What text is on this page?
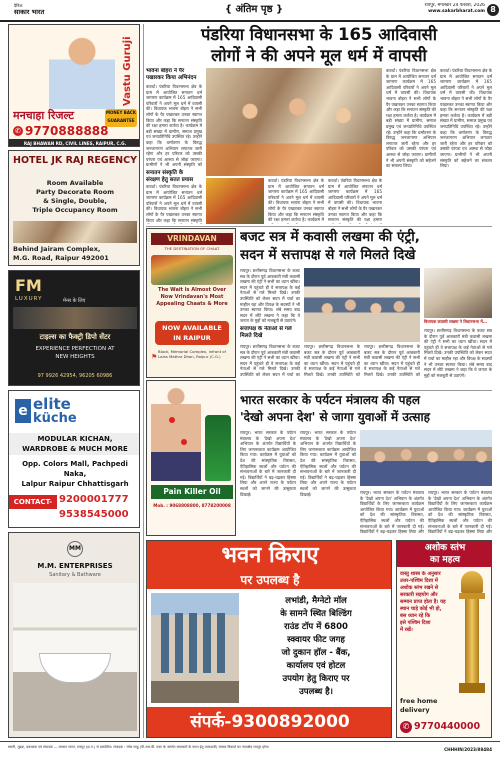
दैनिक
साकार भारत	{ अंतिम पृष्ठ }	रायपुर, मंगलवार 24 फरवरी, 2026
www.sakarbharat.com 8
Vastu Guruji
मनचाहा रिजल्ट	MONEY BACK
GUARANTEE
✆ 9770888888
RAJ BHAWAN RD, CIVIL LINES, RAIPUR, C.G.
HOTEL JK RAJ REGENCY
Room Available
Party Decorate Room
& Single, Double,
Triple Occupancy Room
Behind Jairam Complex,
M.G. Road, Raipur 492001
FM
LUXURY	मेन्स के लिए
टाइल्स का फैक्ट्री डिपो सेंटर
EXPERIENCE PERFECTION AT
NEW HEIGHTS
97 9926 42954, 96205 60986
e elite
küche
MODULAR KICHAN,
WARDROBE & MUCH MORE
Opp. Colors Mall, Pachpedi Naka,
Lalpur Raipur Chhattisgarh
CONTACT- 9200001777
9538545000
MM
M.M. ENTERPRISES
Sanitary & Bathware
पंडरिया विधानसभा के 165 आदिवासी
लोगों ने की अपने मूल धर्म में वापसी
भावना बोहरा ने पैर
पखारकर किया अभिनंदन
कवर्धा। पंडरिया विधानसभा क्षेत्र के ग्राम में आयोजित सनातन धर्म जागरण कार्यक्रम में 165 आदिवासी परिवारों ने अपने मूल धर्म में वापसी की। विधायक भावना बोहरा ने सभी लोगों के पैर पखारकर उनका स्वागत किया और कहा कि सनातन संस्कृति की रक्षा हमारा कर्तव्य है। कार्यक्रम में बड़ी संख्या में ग्रामीण, समाज प्रमुख एवं जनप्रतिनिधि उपस्थित रहे। उन्होंने कहा कि धर्मांतरण के विरुद्ध जनजागरण अभियान लगातार जारी रहेगा और हर परिवार को उसकी परंपरा एवं आस्था से जोड़ा जाएगा। ग्रामीणों ने भी अपनी संस्कृति को
सनातन संस्कृति के
संरक्षण हेतु सतत प्रयास
कवर्धा। पंडरिया विधानसभा क्षेत्र के ग्राम में आयोजित सनातन धर्म जागरण कार्यक्रम में 165 आदिवासी परिवारों ने अपने मूल धर्म में वापसी की। विधायक भावना बोहरा ने सभी लोगों के पैर पखारकर उनका स्वागत किया और कहा कि सनातन संस्कृति
कवर्धा। पंडरिया विधानसभा क्षेत्र के ग्राम में आयोजित सनातन धर्म जागरण कार्यक्रम में 165 आदिवासी परिवारों ने अपने मूल धर्म में वापसी की। विधायक भावना बोहरा ने सभी लोगों के पैर पखारकर उनका स्वागत किया और कहा कि सनातन संस्कृति की रक्षा हमारा कर्तव्य है। कार्यक्रम में
कवर्धा। पंडरिया विधानसभा क्षेत्र के ग्राम में आयोजित सनातन धर्म जागरण कार्यक्रम में 165 आदिवासी परिवारों ने अपने मूल धर्म में वापसी की। विधायक भावना बोहरा ने सभी लोगों के पैर पखारकर उनका स्वागत किया और कहा कि सनातन संस्कृति की रक्षा हमारा
कवर्धा। पंडरिया विधानसभा क्षेत्र के ग्राम में आयोजित सनातन धर्म जागरण कार्यक्रम में 165 आदिवासी परिवारों ने अपने मूल धर्म में वापसी की। विधायक भावना बोहरा ने सभी लोगों के पैर पखारकर उनका स्वागत किया और कहा कि सनातन संस्कृति की रक्षा हमारा कर्तव्य है। कार्यक्रम में बड़ी संख्या में ग्रामीण, समाज प्रमुख एवं जनप्रतिनिधि उपस्थित रहे। उन्होंने कहा कि धर्मांतरण के विरुद्ध जनजागरण अभियान लगातार जारी रहेगा और हर परिवार को उसकी परंपरा एवं आस्था से जोड़ा जाएगा। ग्रामीणों ने भी अपनी संस्कृति को सहेजने का संकल्प लिया।
कवर्धा। पंडरिया विधानसभा क्षेत्र के ग्राम में आयोजित सनातन धर्म जागरण कार्यक्रम में 165 आदिवासी परिवारों ने अपने मूल धर्म में वापसी की। विधायक भावना बोहरा ने सभी लोगों के पैर पखारकर उनका स्वागत किया और कहा कि सनातन संस्कृति की रक्षा हमारा कर्तव्य है। कार्यक्रम में बड़ी संख्या में ग्रामीण, समाज प्रमुख एवं जनप्रतिनिधि उपस्थित रहे। उन्होंने कहा कि धर्मांतरण के विरुद्ध जनजागरण अभियान लगातार जारी रहेगा और हर परिवार को उसकी परंपरा एवं आस्था से जोड़ा जाएगा। ग्रामीणों ने भी अपनी संस्कृति को सहेजने का संकल्प लिया।
VRINDAVAN
THE DESTINATION OF CHAAT
The Wait Is Almost Over
Now Vrindavan's Most
Appealing Chaats & More
NOW AVAILABLE
IN RAIPUR
⚑
Block, Memorial Complex, infront of Lalas Mathra Dhan, Raipur (C.G.)
बजट सत्र में कवासी लखमा की एंट्री,
सदन में सत्तापक्ष से गले मिलते दिखे
रायपुर। छत्तीसगढ़ विधानसभा के बजट सत्र के दौरान पूर्व आबकारी मंत्री कवासी लखमा की एंट्री ने सभी का ध्यान खींचा। सदन में पहुंचते ही वे सत्तापक्ष के कई नेताओं से गले मिलते दिखे। उनकी उपस्थिति को लेकर सदन में चर्चा का माहौल रहा और विपक्ष के सदस्यों ने भी उनका स्वागत किया। लंबे समय बाद सदन में लौटे लखमा ने कहा कि वे जनता के मुद्दों को मजबूती से उठाएंगे।
सत्तापक्ष के नेताओं से गले
मिलते दिखे
रायपुर। छत्तीसगढ़ विधानसभा के बजट सत्र के दौरान पूर्व आबकारी मंत्री कवासी लखमा की एंट्री ने सभी का ध्यान खींचा। सदन में पहुंचते ही वे सत्तापक्ष के कई नेताओं से गले मिलते दिखे। उनकी उपस्थिति को लेकर सदन में चर्चा का
रायपुर। छत्तीसगढ़ विधानसभा के बजट सत्र के दौरान पूर्व आबकारी मंत्री कवासी लखमा की एंट्री ने सभी का ध्यान खींचा। सदन में पहुंचते ही वे सत्तापक्ष के कई नेताओं से गले मिलते दिखे। उनकी उपस्थिति को
रायपुर। छत्तीसगढ़ विधानसभा के बजट सत्र के दौरान पूर्व आबकारी मंत्री कवासी लखमा की एंट्री ने सभी का ध्यान खींचा। सदन में पहुंचते ही वे सत्तापक्ष के कई नेताओं से गले मिलते दिखे। उनकी उपस्थिति को
विधायक कवासी लखमा ने विधानसभा में...
रायपुर। छत्तीसगढ़ विधानसभा के बजट सत्र के दौरान पूर्व आबकारी मंत्री कवासी लखमा की एंट्री ने सभी का ध्यान खींचा। सदन में पहुंचते ही वे सत्तापक्ष के कई नेताओं से गले मिलते दिखे। उनकी उपस्थिति को लेकर सदन में चर्चा का माहौल रहा और विपक्ष के सदस्यों ने भी उनका स्वागत किया। लंबे समय बाद सदन में लौटे लखमा ने कहा कि वे जनता के मुद्दों को मजबूती से उठाएंगे।
Pain Killer Oil
Mob. : 9068808800, 8778200008
भारत सरकार के पर्यटन मंत्रालय की पहल
'देखो अपना देश' से जागा युवाओं में उत्साह
रायपुर। भारत सरकार के पर्यटन मंत्रालय के 'देखो अपना देश' अभियान के अंतर्गत विद्यार्थियों के लिए जागरूकता कार्यक्रम आयोजित किया गया। कार्यक्रम में युवाओं को देश की सांस्कृतिक विरासत, ऐतिहासिक स्थलों और पर्यटन की संभावनाओं के बारे में जानकारी दी गई। विद्यार्थियों ने बढ़-चढ़कर हिस्सा लिया और अपने राज्य के पर्यटन स्थलों को जानने की उत्सुकता दिखाई।
रायपुर। भारत सरकार के पर्यटन मंत्रालय के 'देखो अपना देश' अभियान के अंतर्गत विद्यार्थियों के लिए जागरूकता कार्यक्रम आयोजित किया गया। कार्यक्रम में युवाओं को देश की सांस्कृतिक विरासत, ऐतिहासिक स्थलों और पर्यटन की संभावनाओं के बारे में जानकारी दी गई। विद्यार्थियों ने बढ़-चढ़कर हिस्सा लिया और अपने राज्य के पर्यटन स्थलों को जानने की उत्सुकता दिखाई।	रायपुर। भारत सरकार के पर्यटन मंत्रालय के 'देखो अपना देश' अभियान के अंतर्गत विद्यार्थियों के लिए जागरूकता कार्यक्रम आयोजित किया गया। कार्यक्रम में युवाओं को देश की सांस्कृतिक विरासत, ऐतिहासिक स्थलों और पर्यटन की संभावनाओं के बारे में जानकारी दी गई। विद्यार्थियों ने बढ़-चढ़कर हिस्सा लिया और
रायपुर। भारत सरकार के पर्यटन मंत्रालय के 'देखो अपना देश' अभियान के अंतर्गत विद्यार्थियों के लिए जागरूकता कार्यक्रम आयोजित किया गया। कार्यक्रम में युवाओं को देश की सांस्कृतिक विरासत, ऐतिहासिक स्थलों और पर्यटन की संभावनाओं के बारे में जानकारी दी गई। विद्यार्थियों ने बढ़-चढ़कर हिस्सा लिया और
भवन किराए
पर उपलब्ध है
लभांडी, मैग्नेटो मॉल
के सामने स्थित बिल्डिंग
राउंड टॉप में 6800
स्क्वायर फीट जगह
जो दुकान हॉल - बैंक,
कार्यालय एवं होटल
उपयोग हेतु किराए पर
उपलब्ध है।
संपर्क-9300892000
अशोक स्तंभ
का महत्व
वास्तु शास्त्र के अनुसार
उत्तर-पश्चिम दिशा में
अशोक स्तंभ रखने से
सरकारी सहयोग और
सम्मान प्राप्त होता है। यह
स्थान चाहे कोई भी हो,
बस ध्यान रहे कि
इसे पश्चिम दिशा
में रखें।
free home
delivery
✆ 9770440000
स्वामी, मुद्रक, प्रकाशक एवं संपादक — साकार भारत, रायपुर (छ.ग.) से प्रकाशित। संपादक : रमेश साहू (पी.आर.बी. एक्ट के अंतर्गत समाचारों के चयन हेतु उत्तरदायी) समस्त विवादों का न्यायक्षेत्र रायपुर होगा।	CHHHIN/2023/88484
